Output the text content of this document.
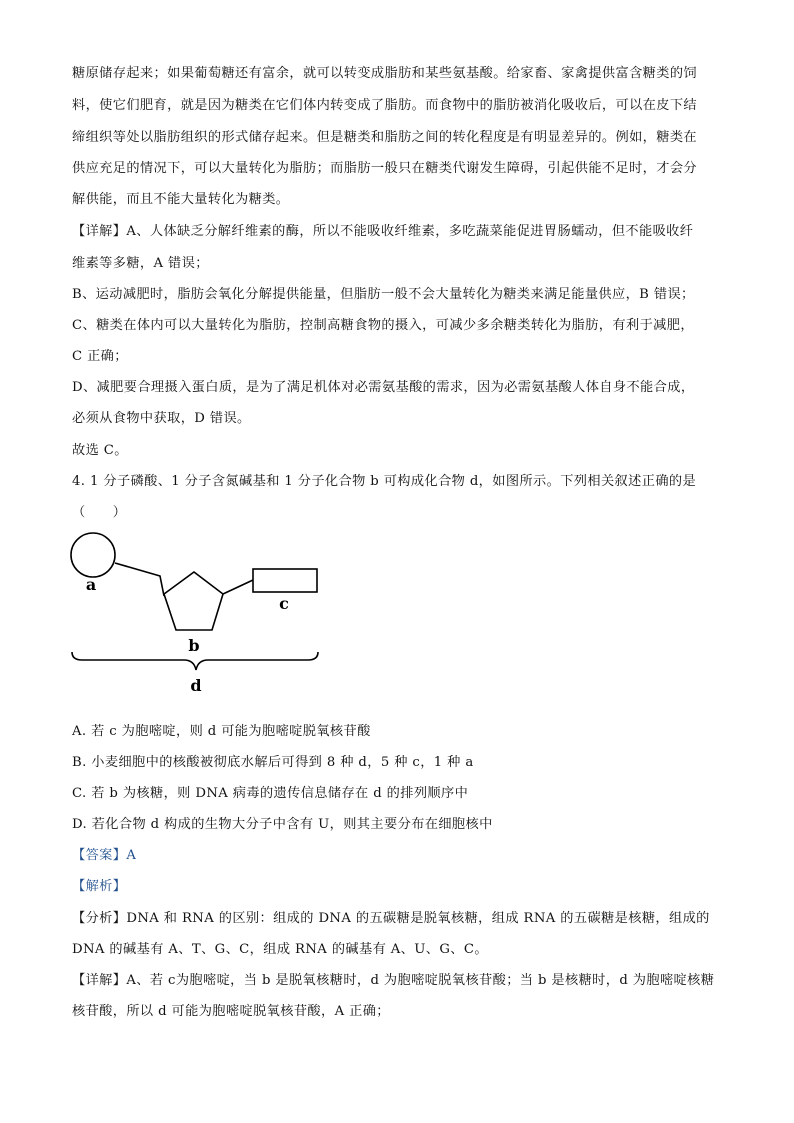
糖原储存起来；如果葡萄糖还有富余，就可以转变成脂肪和某些氨基酸。给家畜、家禽提供富含糖类的饲
料，使它们肥育，就是因为糖类在它们体内转变成了脂肪。而食物中的脂肪被消化吸收后，可以在皮下结
缔组织等处以脂肪组织的形式储存起来。但是糖类和脂肪之间的转化程度是有明显差异的。例如，糖类在
供应充足的情况下，可以大量转化为脂肪；而脂肪一般只在糖类代谢发生障碍，引起供能不足时，才会分
解供能，而且不能大量转化为糖类。
【详解】A、人体缺乏分解纤维素的酶，所以不能吸收纤维素，多吃蔬菜能促进胃肠蠕动，但不能吸收纤
维素等多糖，A 错误；
B、运动减肥时，脂肪会氧化分解提供能量，但脂肪一般不会大量转化为糖类来满足能量供应，B 错误；
C、糖类在体内可以大量转化为脂肪，控制高糖食物的摄入，可减少多余糖类转化为脂肪，有利于减肥，
C 正确；
D、减肥要合理摄入蛋白质，是为了满足机体对必需氨基酸的需求，因为必需氨基酸人体自身不能合成，
必须从食物中获取，D 错误。
故选 C。
4. 1 分子磷酸、1 分子含氮碱基和 1 分子化合物 b 可构成化合物 d，如图所示。下列相关叙述正确的是
（　　）
a
b
c
d
A. 若 c 为胞嘧啶，则 d 可能为胞嘧啶脱氧核苷酸
B. 小麦细胞中的核酸被彻底水解后可得到 8 种 d，5 种 c，1 种 a
C. 若 b 为核糖，则 DNA 病毒的遗传信息储存在 d 的排列顺序中
D. 若化合物 d 构成的生物大分子中含有 U，则其主要分布在细胞核中
【答案】A
【解析】
【分析】DNA 和 RNA 的区别：组成的 DNA 的五碳糖是脱氧核糖，组成 RNA 的五碳糖是核糖，组成的
DNA 的碱基有 A、T、G、C，组成 RNA 的碱基有 A、U、G、C。
【详解】A、若 c为胞嘧啶，当 b 是脱氧核糖时，d 为胞嘧啶脱氧核苷酸；当 b 是核糖时，d 为胞嘧啶核糖
核苷酸，所以 d 可能为胞嘧啶脱氧核苷酸，A 正确；
